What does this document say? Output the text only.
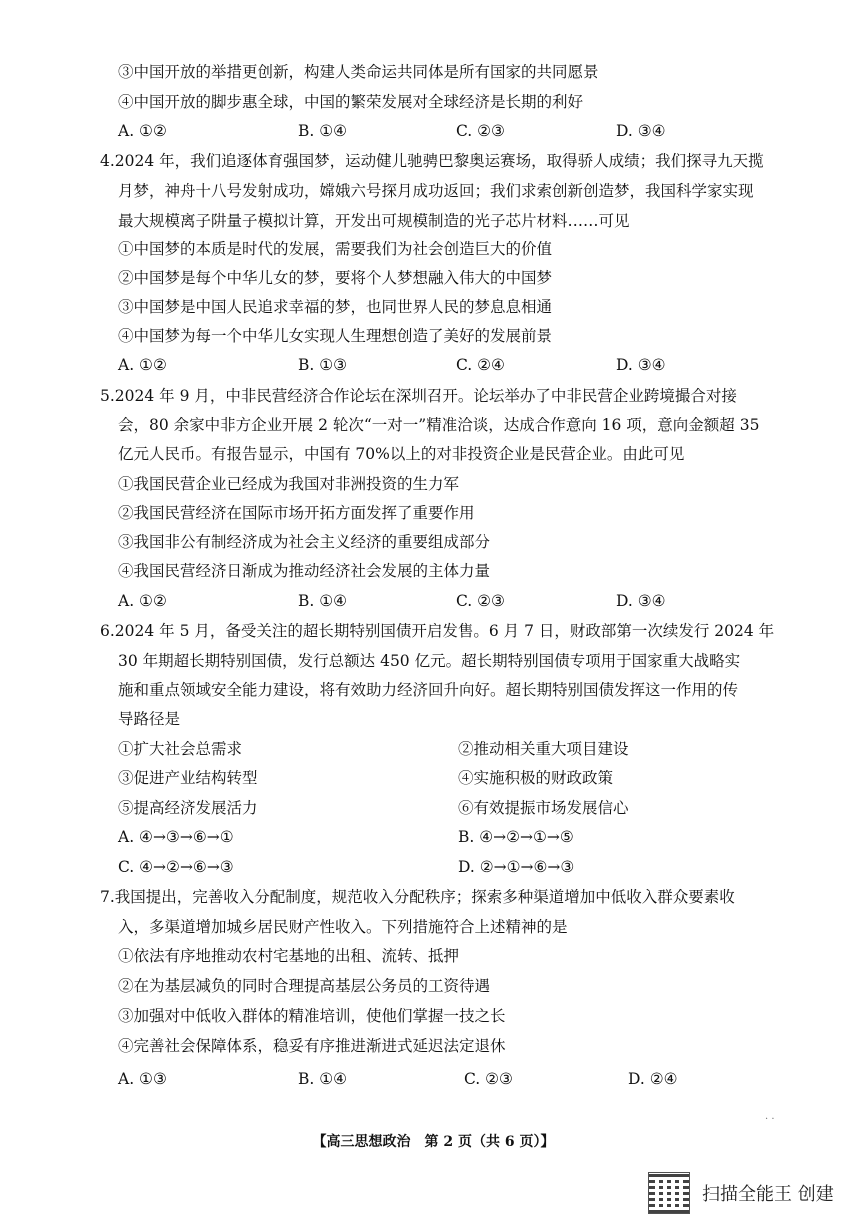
③中国开放的举措更创新，构建人类命运共同体是所有国家的共同愿景
④中国开放的脚步惠全球，中国的繁荣发展对全球经济是长期的利好
A. ①②	B. ①④	C. ②③	D. ③④
4.2024 年，我们追逐体育强国梦，运动健儿驰骋巴黎奥运赛场，取得骄人成绩；我们探寻九天揽
月梦，神舟十八号发射成功，嫦娥六号探月成功返回；我们求索创新创造梦，我国科学家实现
最大规模离子阱量子模拟计算，开发出可规模制造的光子芯片材料……可见
①中国梦的本质是时代的发展，需要我们为社会创造巨大的价值
②中国梦是每个中华儿女的梦，要将个人梦想融入伟大的中国梦
③中国梦是中国人民追求幸福的梦，也同世界人民的梦息息相通
④中国梦为每一个中华儿女实现人生理想创造了美好的发展前景
A. ①②	B. ①③	C. ②④	D. ③④
5.2024 年 9 月，中非民营经济合作论坛在深圳召开。论坛举办了中非民营企业跨境撮合对接
会，80 余家中非方企业开展 2 轮次“一对一”精准洽谈，达成合作意向 16 项，意向金额超 35
亿元人民币。有报告显示，中国有 70%以上的对非投资企业是民营企业。由此可见
①我国民营企业已经成为我国对非洲投资的生力军
②我国民营经济在国际市场开拓方面发挥了重要作用
③我国非公有制经济成为社会主义经济的重要组成部分
④我国民营经济日渐成为推动经济社会发展的主体力量
A. ①②	B. ①④	C. ②③	D. ③④
6.2024 年 5 月，备受关注的超长期特别国债开启发售。6 月 7 日，财政部第一次续发行 2024 年
30 年期超长期特别国债，发行总额达 450 亿元。超长期特别国债专项用于国家重大战略实
施和重点领域安全能力建设，将有效助力经济回升向好。超长期特别国债发挥这一作用的传
导路径是
①扩大社会总需求	②推动相关重大项目建设
③促进产业结构转型	④实施积极的财政政策
⑤提高经济发展活力	⑥有效提振市场发展信心
A. ④→③→⑥→①	B. ④→②→①→⑤
C. ④→②→⑥→③	D. ②→①→⑥→③
7.我国提出，完善收入分配制度，规范收入分配秩序；探索多种渠道增加中低收入群众要素收
入，多渠道增加城乡居民财产性收入。下列措施符合上述精神的是
①依法有序地推动农村宅基地的出租、流转、抵押
②在为基层减负的同时合理提高基层公务员的工资待遇
③加强对中低收入群体的精准培训，使他们掌握一技之长
④完善社会保障体系，稳妥有序推进渐进式延迟法定退休
A. ①③	B. ①④	C. ②③	D. ②④
· ·
【高三思想政治　第 2 页（共 6 页）】
扫描全能王 创建
